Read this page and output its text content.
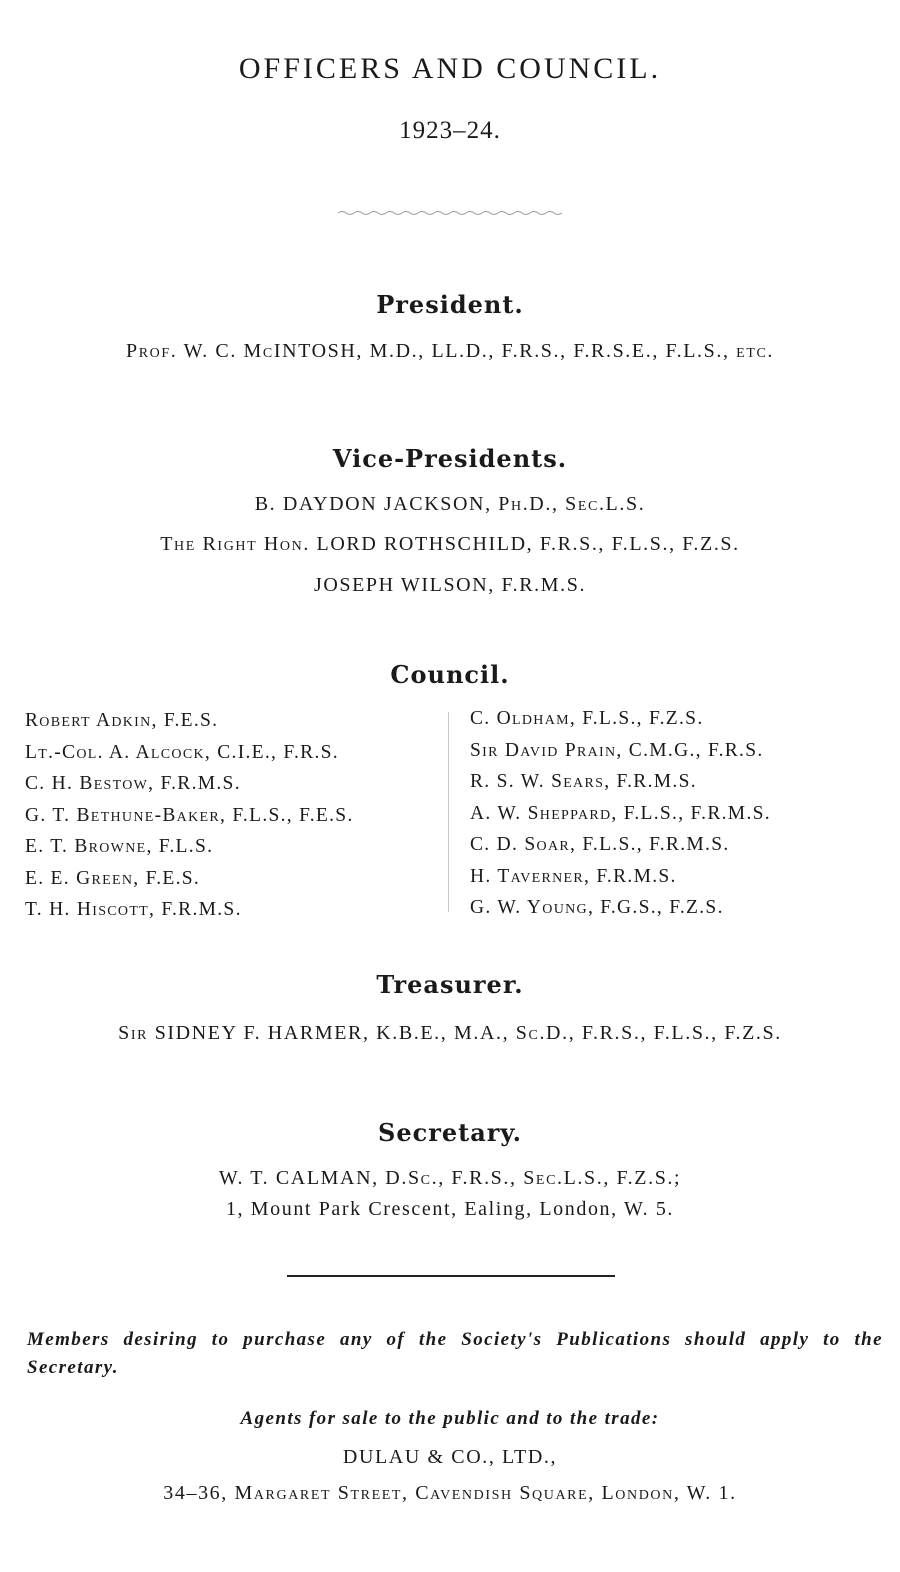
OFFICERS AND COUNCIL.
1923–24.
President.
Prof. W. C. McINTOSH, M.D., LL.D., F.R.S., F.R.S.E., F.L.S., etc.
Vice-Presidents.
B. DAYDON JACKSON, Ph.D., Sec.L.S.
The Right Hon. LORD ROTHSCHILD, F.R.S., F.L.S., F.Z.S.
JOSEPH WILSON, F.R.M.S.
Council.
Robert Adkin, F.E.S.
Lt.-Col. A. Alcock, C.I.E., F.R.S.
C. H. Bestow, F.R.M.S.
G. T. Bethune-Baker, F.L.S., F.E.S.
E. T. Browne, F.L.S.
E. E. Green, F.E.S.
T. H. Hiscott, F.R.M.S.
C. Oldham, F.L.S., F.Z.S.
Sir David Prain, C.M.G., F.R.S.
R. S. W. Sears, F.R.M.S.
A. W. Sheppard, F.L.S., F.R.M.S.
C. D. Soar, F.L.S., F.R.M.S.
H. Taverner, F.R.M.S.
G. W. Young, F.G.S., F.Z.S.
Treasurer.
Sir SIDNEY F. HARMER, K.B.E., M.A., Sc.D., F.R.S., F.L.S., F.Z.S.
Secretary.
W. T. CALMAN, D.Sc., F.R.S., Sec.L.S., F.Z.S.;
1, Mount Park Crescent, Ealing, London, W. 5.
Members desiring to purchase any of the Society's Publications should apply to the Secretary.
Agents for sale to the public and to the trade:
DULAU & CO., LTD.,
34–36, Margaret Street, Cavendish Square, London, W. 1.
